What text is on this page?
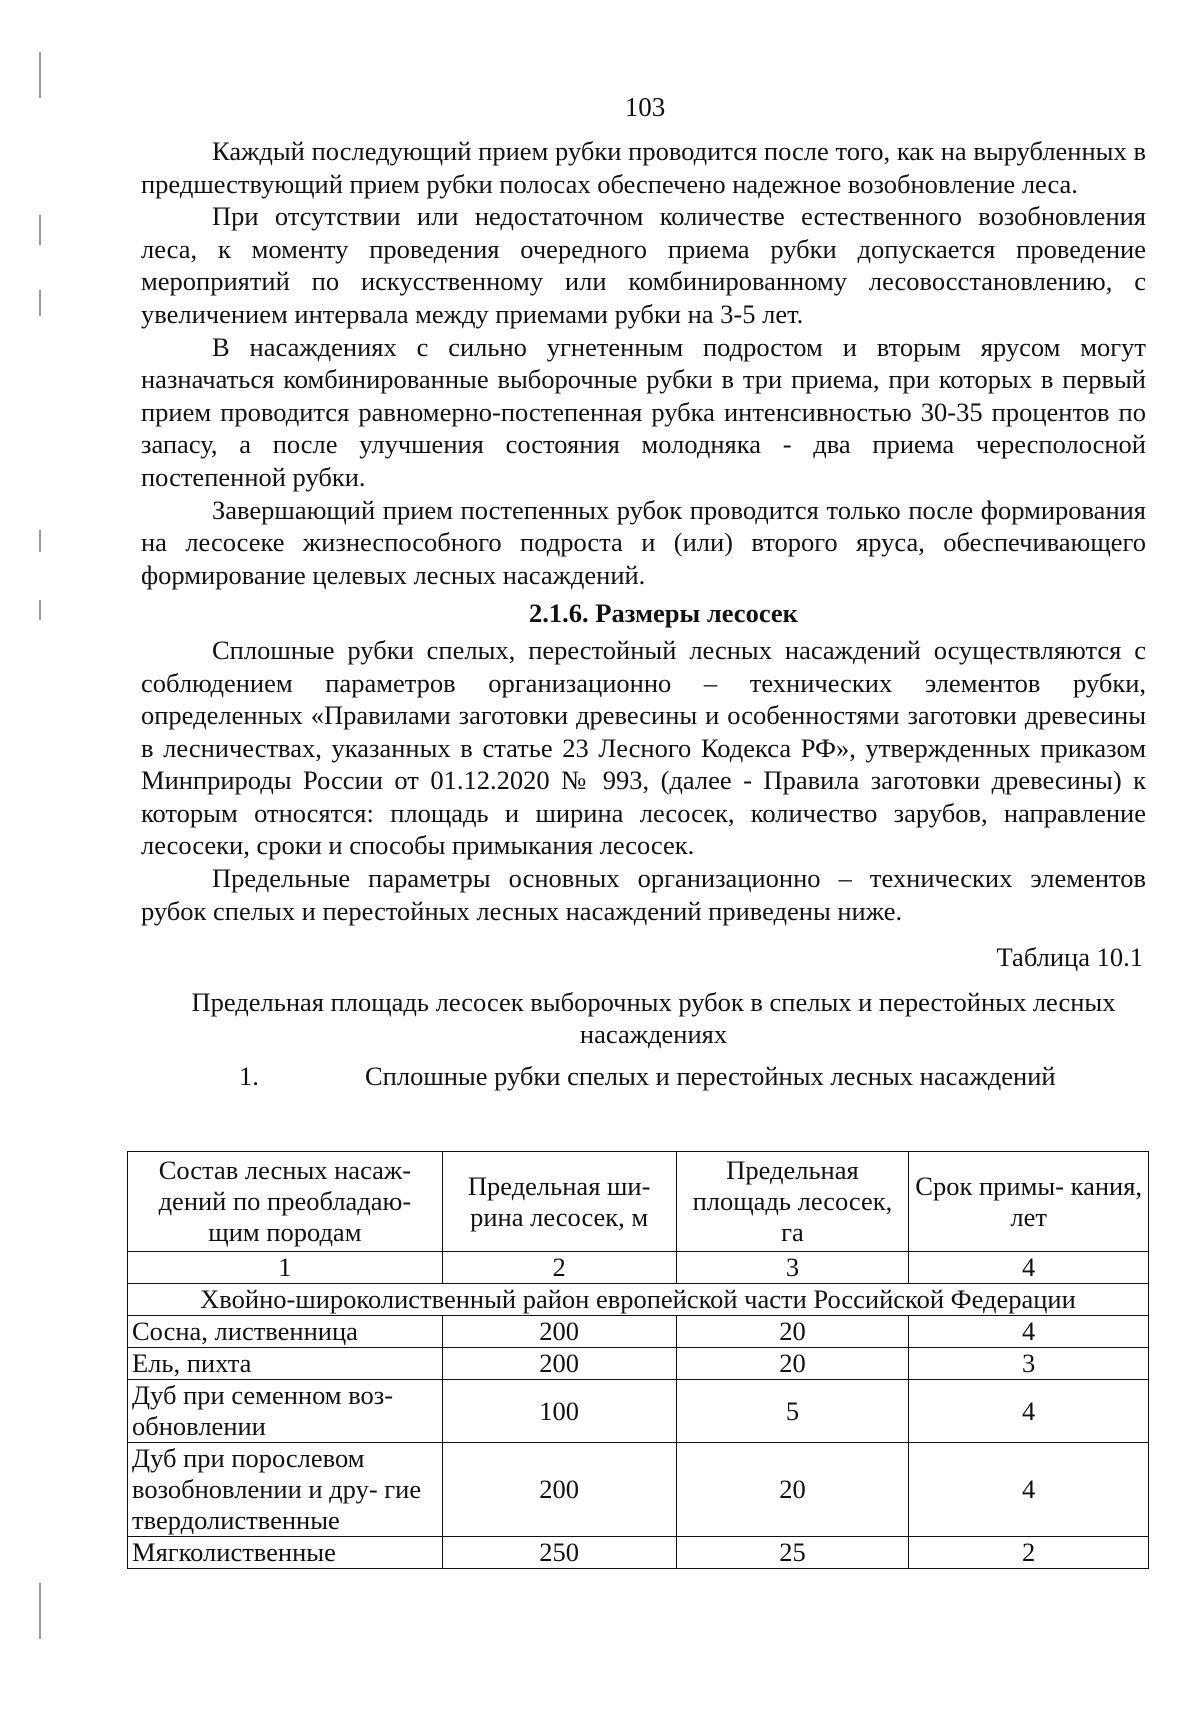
103

Каждый последующий прием рубки проводится после того, как на вырубленных в предшествующий прием рубки полосах обеспечено надежное возобновление леса.

При отсутствии или недостаточном количестве естественного возобновления леса, к моменту проведения очередного приема рубки допускается проведение мероприятий по искусственному или комбинированному лесовосстановлению, с увеличением интервала между приемами рубки на 3-5 лет.

В насаждениях с сильно угнетенным подростом и вторым ярусом могут назначаться комбинированные выборочные рубки в три приема, при которых в первый прием проводится равномерно-постепенная рубка интенсивностью 30-35 процентов по запасу, а после улучшения состояния молодняка - два приема чересполосной постепенной рубки.

Завершающий прием постепенных рубок проводится только после формирования на лесосеке жизнеспособного подроста и (или) второго яруса, обеспечивающего формирование целевых лесных насаждений.

2.1.6. Размеры лесосек

Сплошные рубки спелых, перестойный лесных насаждений осуществляются с соблюдением параметров организационно – технических элементов рубки, определенных «Правилами заготовки древесины и особенностями заготовки древесины в лесничествах, указанных в статье 23 Лесного Кодекса РФ», утвержденных приказом Минприроды России от 01.12.2020 № 993, (далее - Правила заготовки древесины) к которым относятся: площадь и ширина лесосек, количество зарубов, направление лесосеки, сроки и способы примыкания лесосек.

Предельные параметры основных организационно – технических элементов рубок спелых и перестойных лесных насаждений приведены ниже.

Таблица 10.1

Предельная площадь лесосек выборочных рубок в спелых и перестойных лесных насаждениях

1.	Сплошные рубки спелых и перестойных лесных насаждений

Состав лесных насаж- дений по преобладаю- щим породам	Предельная ши- рина лесосек, м	Предельная площадь лесосек, га	Срок примы- кания, лет
1	2	3	4
Хвойно-широколиственный район европейской части Российской Федерации			
Сосна, лиственница	200	20	4
Ель, пихта	200	20	3
Дуб при семенном воз- обновлении	100	5	4
Дуб при порослевом возобновлении и дру- гие твердолиственные	200	20	4
Мягколиственные	250	25	2
